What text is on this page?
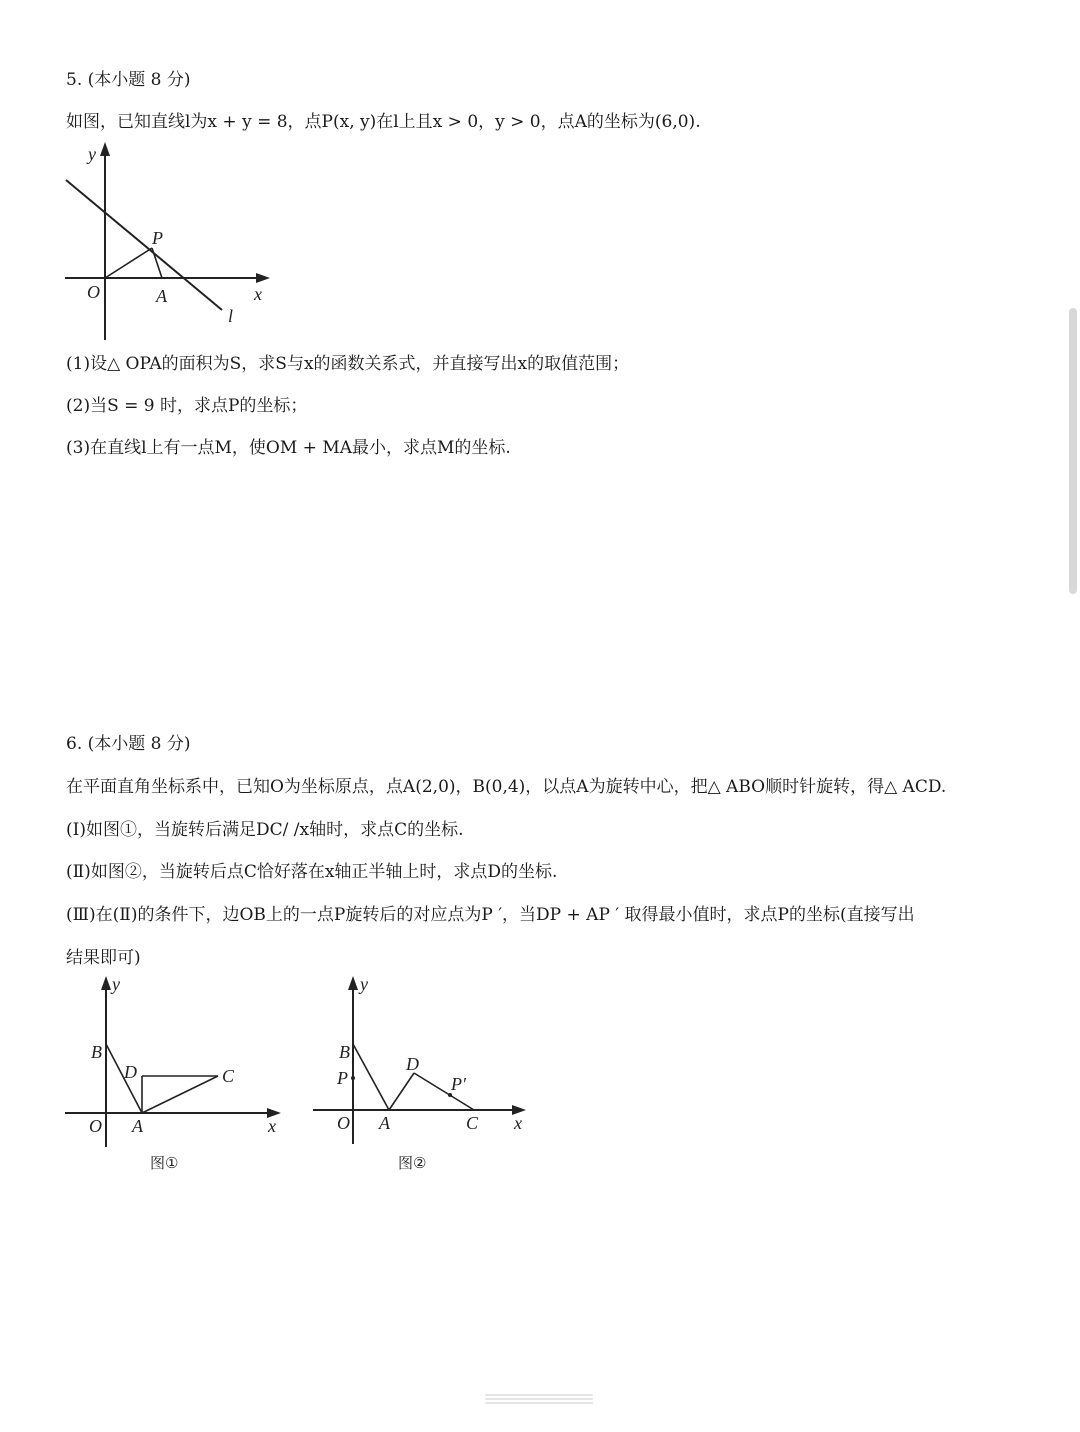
5. (本小题 8 分)
如图，已知直线l为x + y = 8，点P(x, y)在l上且x > 0，y > 0，点A的坐标为(6,0).
y
P
O	A	x
l
(1)设△ OPA的面积为S，求S与x的函数关系式，并直接写出x的取值范围；
(2)当S = 9 时，求点P的坐标；
(3)在直线l上有一点M，使OM + MA最小，求点M的坐标.
6. (本小题 8 分)
在平面直角坐标系中，已知O为坐标原点，点A(2,0)，B(0,4)，以点A为旋转中心，把△ ABO顺时针旋转，得△ ACD.
(Ⅰ)如图①，当旋转后满足DC/ /x轴时，求点C的坐标.
(Ⅱ)如图②，当旋转后点C恰好落在x轴正半轴上时，求点D的坐标.
(Ⅲ)在(Ⅱ)的条件下，边OB上的一点P旋转后的对应点为P ′，当DP + AP ′ 取得最小值时，求点P的坐标(直接写出
结果即可)
y
B
D	C
O A	x
图①
y
B
P
D
P′
O A	C x
图②
